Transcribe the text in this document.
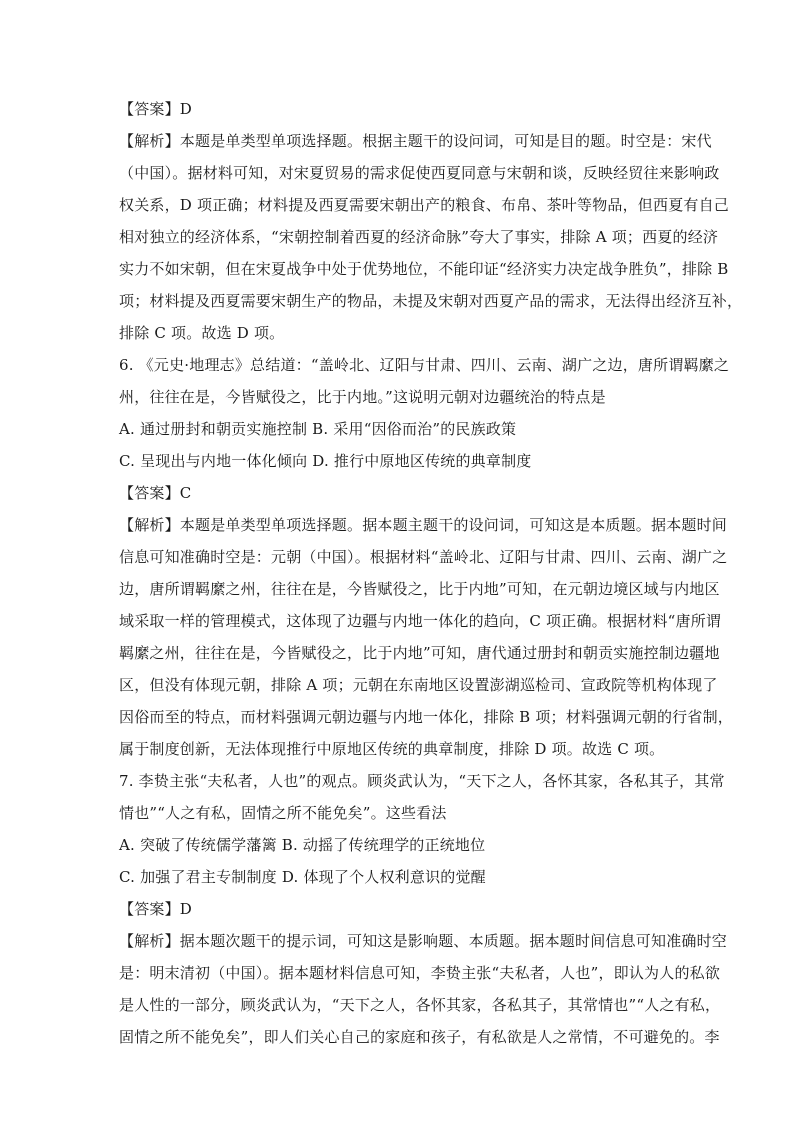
【答案】D
【解析】本题是单类型单项选择题。根据主题干的设问词，可知是目的题。时空是：宋代
（中国）。据材料可知，对宋夏贸易的需求促使西夏同意与宋朝和谈，反映经贸往来影响政
权关系，D 项正确；材料提及西夏需要宋朝出产的粮食、布帛、茶叶等物品，但西夏有自己
相对独立的经济体系，“宋朝控制着西夏的经济命脉”夸大了事实，排除 A 项；西夏的经济
实力不如宋朝，但在宋夏战争中处于优势地位，不能印证“经济实力决定战争胜负”，排除 B
项；材料提及西夏需要宋朝生产的物品，未提及宋朝对西夏产品的需求，无法得出经济互补，
排除 C 项。故选 D 项。
6. 《元史·地理志》总结道：“盖岭北、辽阳与甘肃、四川、云南、湖广之边，唐所谓羁縻之
州，往往在是，今皆赋役之，比于内地。”这说明元朝对边疆统治的特点是
A. 通过册封和朝贡实施控制 B. 采用“因俗而治”的民族政策
C. 呈现出与内地一体化倾向 D. 推行中原地区传统的典章制度
【答案】C
【解析】本题是单类型单项选择题。据本题主题干的设问词，可知这是本质题。据本题时间
信息可知准确时空是：元朝（中国）。根据材料“盖岭北、辽阳与甘肃、四川、云南、湖广之
边，唐所谓羁縻之州，往往在是，今皆赋役之，比于内地”可知，在元朝边境区域与内地区
域采取一样的管理模式，这体现了边疆与内地一体化的趋向，C 项正确。根据材料“唐所谓
羁縻之州，往往在是，今皆赋役之，比于内地”可知，唐代通过册封和朝贡实施控制边疆地
区，但没有体现元朝，排除 A 项；元朝在东南地区设置澎湖巡检司、宣政院等机构体现了
因俗而至的特点，而材料强调元朝边疆与内地一体化，排除 B 项；材料强调元朝的行省制，
属于制度创新，无法体现推行中原地区传统的典章制度，排除 D 项。故选 C 项。
7. 李贽主张“夫私者，人也”的观点。顾炎武认为，“天下之人，各怀其家，各私其子，其常
情也”“人之有私，固情之所不能免矣”。这些看法
A. 突破了传统儒学藩篱 B. 动摇了传统理学的正统地位
C. 加强了君主专制制度 D. 体现了个人权利意识的觉醒
【答案】D
【解析】据本题次题干的提示词，可知这是影响题、本质题。据本题时间信息可知准确时空
是：明末清初（中国）。据本题材料信息可知，李贽主张“夫私者，人也”，即认为人的私欲
是人性的一部分，顾炎武认为，“天下之人，各怀其家，各私其子，其常情也”“人之有私，
固情之所不能免矣”，即人们关心自己的家庭和孩子，有私欲是人之常情，不可避免的。李
